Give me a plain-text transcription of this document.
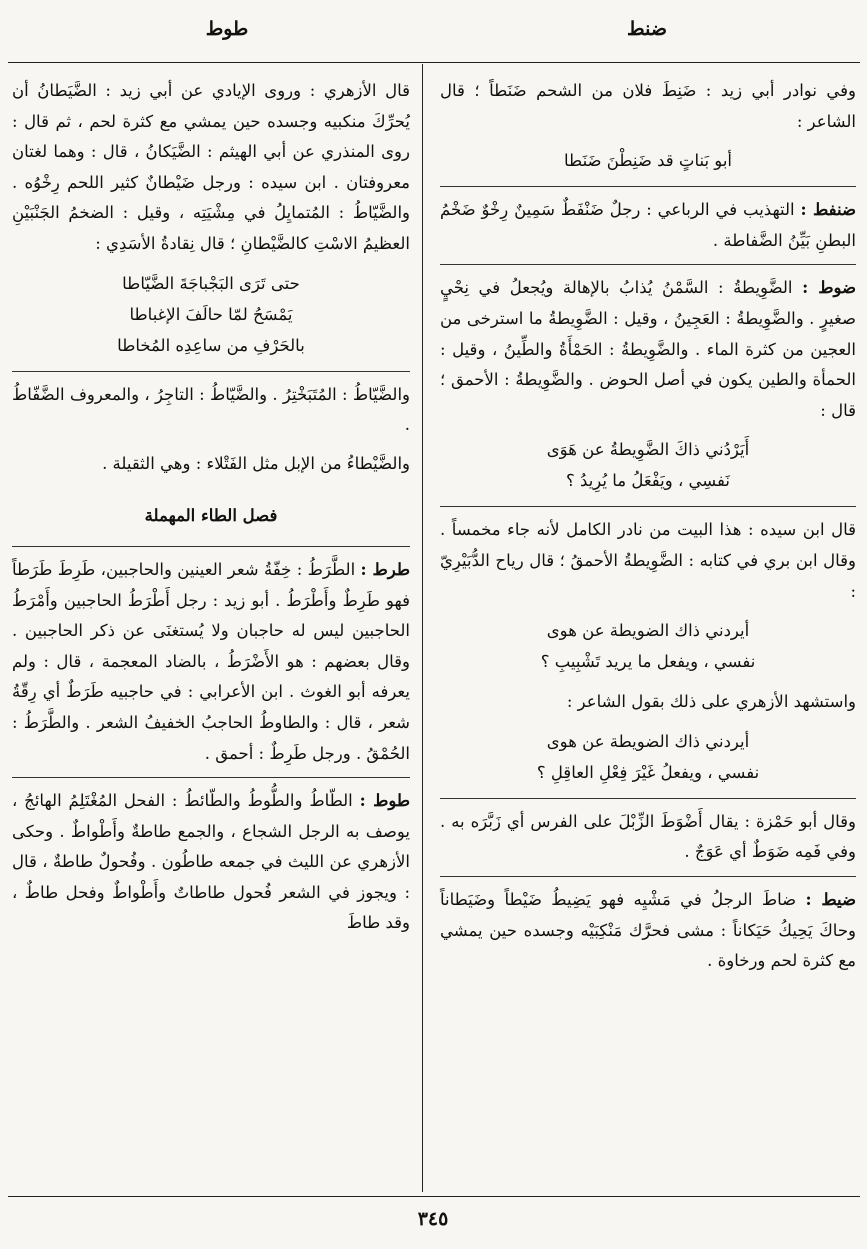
ضنط
طوط

وفي نوادر أبي زيد : ضَنِطَ فلان من الشحم ضَنَطاً ؛ قال الشاعر :

أبو بَناتٍ قد ضَنِطْنَ ضَنَطا

ضنفط : التهذيب في الرباعي : رجلٌ ضَنْفَطٌ سَمِينٌ رِخْوٌ ضَخْمُ البطنِ بَيِّنُ الضَّفاطة .

ضوط : الضَّوِيطةُ : السَّمْنُ يُذابُ بالإهالة ويُجعلُ في نِحْيٍ صغيرٍ . والضَّوِيطةُ : العَجِينُ ، وقيل : الضَّوِيطةُ ما استرخى من العجين من كثرة الماء . والضَّوِيطةُ : الحَمْأَةُ والطِّينُ ، وقيل : الحمأة والطين يكون في أصل الحوض . والضَّوِيطةُ : الأحمق ؛ قال :

أَيَرْدُني ذاكَ الضَّوِيطةُ عن هَوَى
نَفسِي ، ويَفْعَلُ ما يُرِيدُ ؟

قال ابن سيده : هذا البيت من نادر الكامل لأنه جاء مخمساً . وقال ابن بري في كتابه : الضَّوِيطةُ الأحمقُ ؛ قال رياح الدُّبَيْرِيّ :

أيردني ذاك الضويطة عن هوى
نفسي ، ويفعل ما يريد تَشْبِيبِ ؟

واستشهد الأزهري على ذلك بقول الشاعر :

أيردني ذاك الضويطة عن هوى
نفسي ، ويفعلُ غَيْرَ فِعْلِ العاقِلِ ؟

وقال أبو حَمْزة : يقال أَضْوَطَ الزِّبْلَ على الفرس أي زَبَّرَه به . وفي فَمِه ضَوَطٌ أي عَوَجٌ .

ضيط : ضاطَ الرجلُ في مَشْيِه فهو يَضِيطُ ضَيْطاً وضَيَطاناً وحاكَ يَحِيكُ حَيَكاناً : مشى فحرَّك مَنْكِبَيْه وجسده حين يمشي مع كثرة لحم ورخاوة .

قال الأزهري : وروى الإيادي عن أبي زيد : الضَّيَطانُ أن يُحرِّكَ منكبيه وجسده حين يمشي مع كثرة لحم ، ثم قال : روى المنذري عن أبي الهيثم : الضَّيَكانُ ، قال : وهما لغتان معروفتان . ابن سيده : ورجل ضَيْطانٌ كثير اللحم رِخْوُه . والضَّيّاطُ : المُتمايِلُ في مِشْيَتِه ، وقيل : الضخمُ الجَنْبَيْنِ العظيمُ الاسْتِ كالضَّيْطانِ ؛ قال نِقادةُ الأسَدِي :

حتى تَرَى البَجْباجَةَ الضَّيّاطا
يَمْسَحُ لمّا حالَفَ الإغباطا
بالحَرْفِ من ساعِدِه المُخاطا

والضَّيّاطُ : المُتَبَخْتِرُ . والضَّيّاطُ : التاجِرُ ، والمعروف الضَّفّاطُ .

والضَّيْطاءُ من الإبل مثل الفَتْلاء : وهي الثقيلة .

فصل الطاء المهملة

طرط : الطَّرَطُ : خِفّةُ شعر العينين والحاجبين، طَرِطَ طَرَطاً فهو طَرِطٌ وأَطْرَطُ . أبو زيد : رجل أَطْرَطُ الحاجبين وأَمْرَطُ الحاجبين ليس له حاجبان ولا يُستغنَى عن ذكر الحاجبين . وقال بعضهم : هو الأَضْرَطُ ، بالضاد المعجمة ، قال : ولم يعرفه أبو الغوث . ابن الأعرابي : في حاجبيه طَرَطٌ أي رِقّةُ شعر ، قال : والطاوطُ الحاجبُ الخفيفُ الشعر . والطَّرَطُ : الحُمْقُ . ورجل طَرِطٌ : أحمق .

طوط : الطّاطُ والطُّوطُ والطّائطُ : الفحل المُغْتَلِمُ الهائجُ ، يوصف به الرجل الشجاع ، والجمع طاطةٌ وأَطْواطٌ . وحكى الأزهري عن الليث في جمعه طاطُون . وفُحولٌ طاطةٌ ، قال : ويجوز في الشعر فُحول طاطاتٌ وأَطْواطٌ وفحل طاطٌ ، وقد طاطَ

٣٤٥
